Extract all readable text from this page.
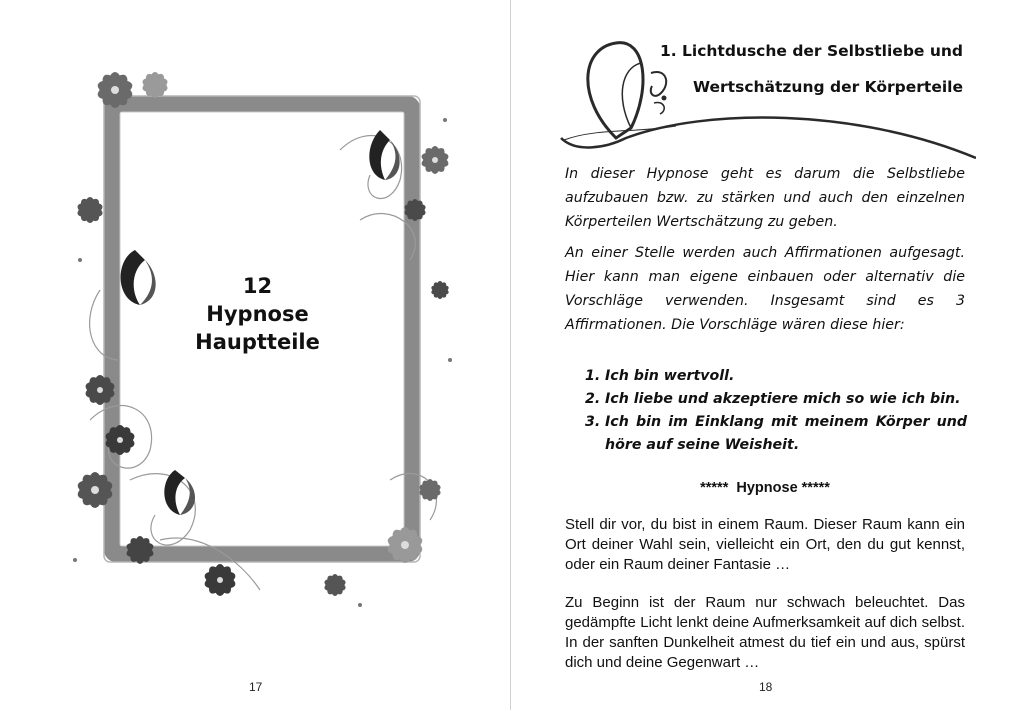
12
Hypnose
Hauptteile
17
1. Lichtdusche der Selbstliebe und
Wertschätzung der Körperteile

In dieser Hypnose geht es darum die Selbstliebe aufzubauen bzw. zu stärken und auch den einzelnen Körperteilen Wertschätzung zu geben.

An einer Stelle werden auch Affirmationen aufgesagt. Hier kann man eigene einbauen oder alternativ die Vorschläge verwenden. Insgesamt sind es 3 Affirmationen. Die Vorschläge wären diese hier:

1. Ich bin wertvoll.
2. Ich liebe und akzeptiere mich so wie ich bin.
3. Ich bin im Einklang mit meinem Körper und höre auf seine Weisheit.
*****  Hypnose *****

Stell dir vor, du bist in einem Raum. Dieser Raum kann ein Ort deiner Wahl sein, vielleicht ein Ort, den du gut kennst, oder ein Raum deiner Fantasie …

Zu Beginn ist der Raum nur schwach beleuchtet. Das gedämpfte Licht lenkt deine Aufmerksamkeit auf dich selbst. In der sanften Dunkelheit atmest du tief ein und aus, spürst dich und deine Gegenwart …

18
